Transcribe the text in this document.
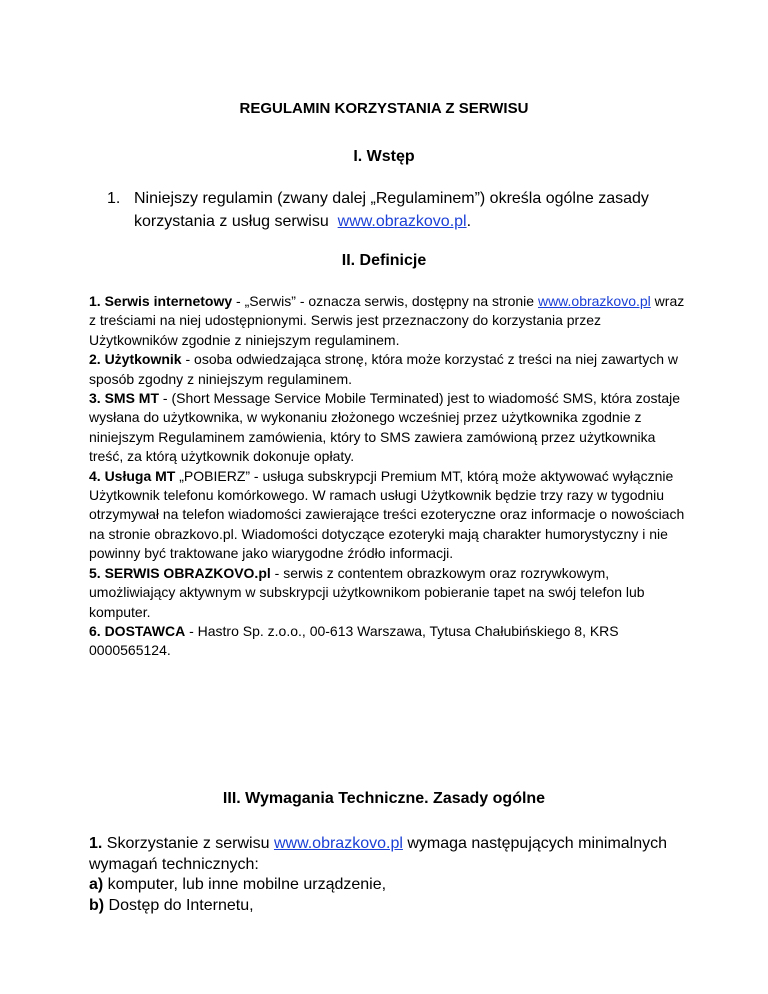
REGULAMIN KORZYSTANIA Z SERWISU
I. Wstęp
1. Niniejszy regulamin (zwany dalej „Regulaminem”) określa ogólne zasady korzystania z usług serwisu www.obrazkovo.pl.
II. Definicje

1. Serwis internetowy - „Serwis” - oznacza serwis, dostępny na stronie www.obrazkovo.pl wraz z treściami na niej udostępnionymi. Serwis jest przeznaczony do korzystania przez Użytkowników zgodnie z niniejszym regulaminem.

2. Użytkownik - osoba odwiedzająca stronę, która może korzystać z treści na niej zawartych w sposób zgodny z niniejszym regulaminem.

3. SMS MT - (Short Message Service Mobile Terminated) jest to wiadomość SMS, która zostaje wysłana do użytkownika, w wykonaniu złożonego wcześniej przez użytkownika zgodnie z niniejszym Regulaminem zamówienia, który to SMS zawiera zamówioną przez użytkownika treść, za którą użytkownik dokonuje opłaty.

4. Usługa MT „POBIERZ” - usługa subskrypcji Premium MT, którą może aktywować wyłącznie Użytkownik telefonu komórkowego. W ramach usługi Użytkownik będzie trzy razy w tygodniu otrzymywał na telefon wiadomości zawierające treści ezoteryczne oraz informacje o nowościach na stronie obrazkovo.pl. Wiadomości dotyczące ezoteryki mają charakter humorystyczny i nie powinny być traktowane jako wiarygodne źródło informacji.

5. SERWIS OBRAZKOVO.pl - serwis z contentem obrazkowym oraz rozrywkowym, umożliwiający aktywnym w subskrypcji użytkownikom pobieranie tapet na swój telefon lub komputer.

6. DOSTAWCA - Hastro Sp. z.o.o., 00-613 Warszawa, Tytusa Chałubińskiego 8, KRS 0000565124.

III. Wymagania Techniczne. Zasady ogólne

1. Skorzystanie z serwisu www.obrazkovo.pl wymaga następujących minimalnych wymagań technicznych:

a) komputer, lub inne mobilne urządzenie,

b) Dostęp do Internetu,
